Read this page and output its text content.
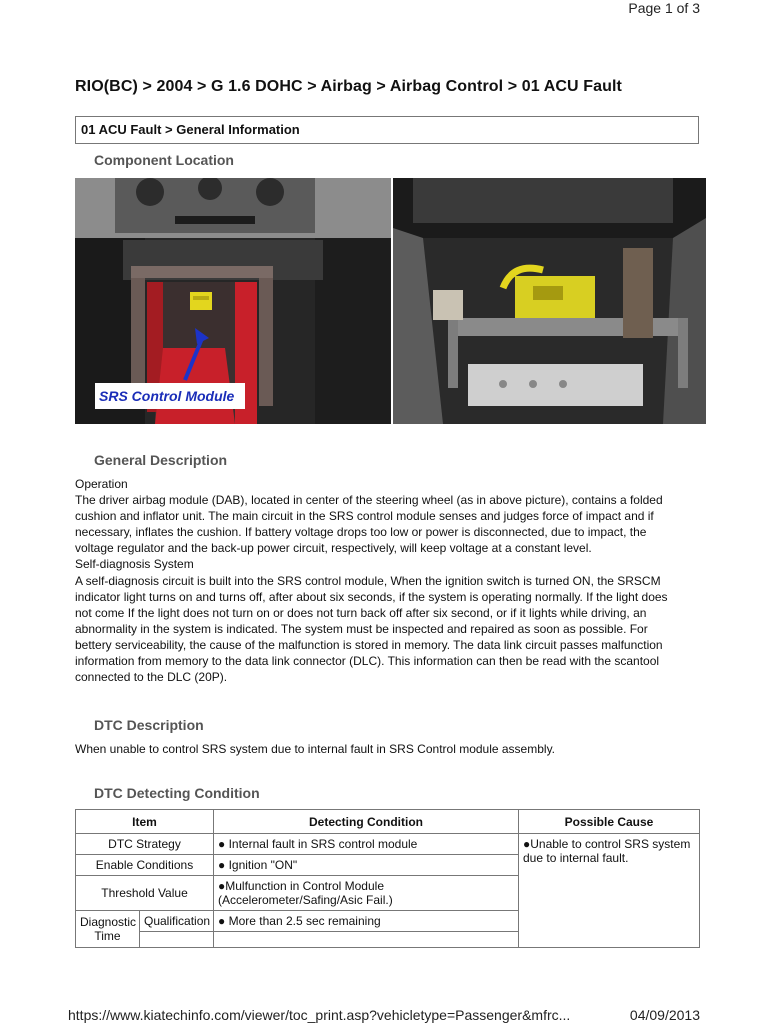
Page 1 of 3
RIO(BC) > 2004 > G 1.6 DOHC > Airbag > Airbag Control > 01 ACU Fault
01 ACU Fault > General Information
Component Location
SRS Control Module
General Description
Operation
The driver airbag module (DAB), located in center of the steering wheel (as in above picture), contains a folded
cushion and inflator unit. The main circuit in the SRS control module senses and judges force of impact and if
necessary, inflates the cushion. If battery voltage drops too low or power is disconnected, due to impact, the
voltage regulator and the back-up power circuit, respectively, will keep voltage at a constant level.
Self-diagnosis System
A self-diagnosis circuit is built into the SRS control module, When the ignition switch is turned ON, the SRSCM
indicator light turns on and turns off, after about six seconds, if the system is operating normally. If the light does
not come If the light does not turn on or does not turn back off after six second, or if it lights while driving, an
abnormality in the system is indicated. The system must be inspected and repaired as soon as possible. For
bettery serviceability, the cause of the malfunction is stored in memory. The data link circuit passes malfunction
information from memory to the data link connector (DLC). This information can then be read with the scantool
connected to the DLC (20P).
DTC Description
When unable to control SRS system due to internal fault in SRS Control module assembly.
DTC Detecting Condition
Item		Detecting Condition	Possible Cause
DTC Strategy		● Internal fault in SRS control module	●Unable to control SRS system due to internal fault.
Enable Conditions		● Ignition "ON"	
Threshold Value		●Mulfunction in Control Module
(Accelerometer/Safing/Asic Fail.)	

Diagnostic
Time	Qualification	● More than 2.5 sec remaining	

https://www.kiatechinfo.com/viewer/toc_print.asp?vehicletype=Passenger&mfrc...	04/09/2013
